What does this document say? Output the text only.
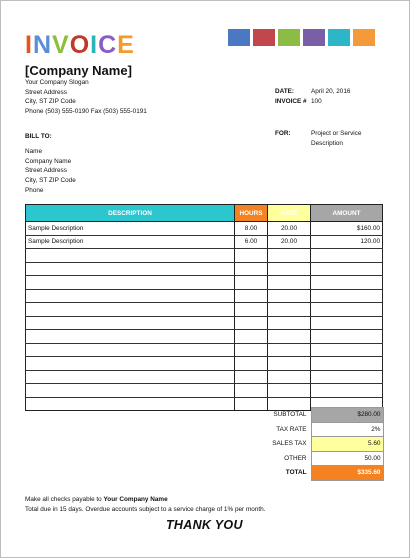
INVOICE
[Company Name]
Your Company Slogan
Street Address
City, ST ZIP Code
Phone (503) 555-0190 Fax (503) 555-0191
DATE:	April 20, 2016
INVOICE # 100
BILL TO:
Name
Company Name
Street Address
City, ST ZIP Code
Phone
FOR:	Project or Service Description
DESCRIPTION	HOURS	RATE	AMOUNT
Sample Description	8.00	20.00	$160.00
Sample Description	6.00	20.00	120.00

SUBTOTAL	$280.00
TAX RATE	2%
SALES TAX	5.60
OTHER	50.00
TOTAL	$335.60
Make all checks payable to Your Company Name
Total due in 15 days. Overdue accounts subject to a service charge of 1% per month.
THANK YOU
